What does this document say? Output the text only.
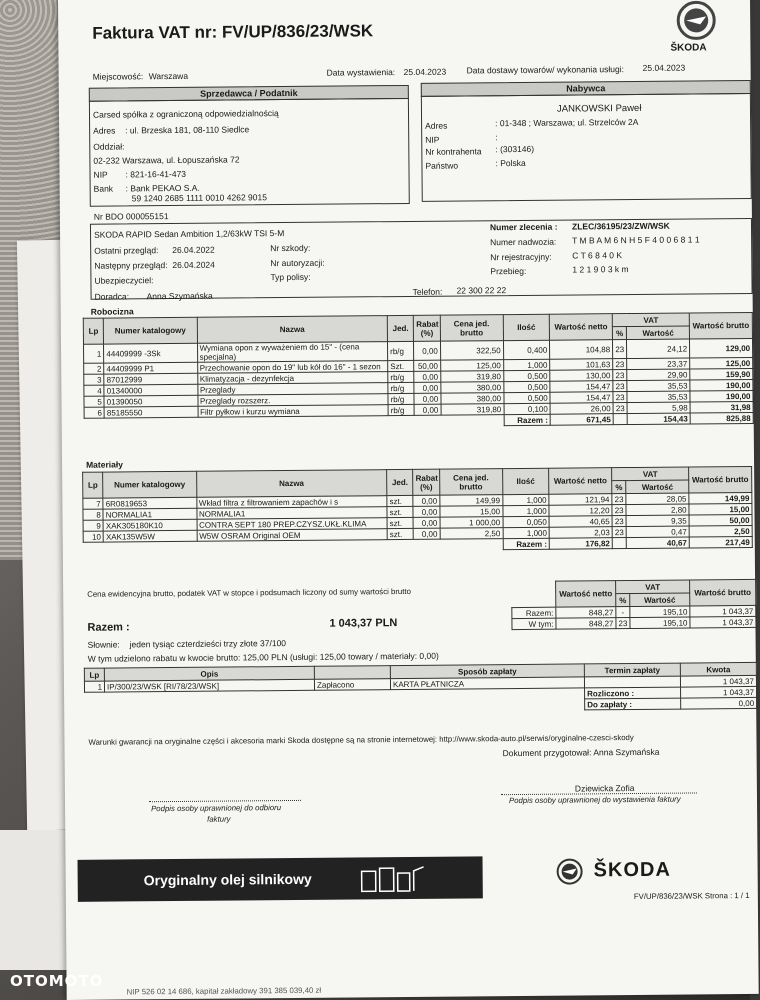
Faktura VAT nr: FV/UP/836/23/WSK
ŠKODA
Miejscowość: Warszawa	Data wystawienia: 25.04.2023 Data dostawy towarów/ wykonania usługi: 25.04.2023
Sprzedawca / Podatnik
Carsed spółka z ograniczoną odpowiedzialnością
Adres : ul. Brzeska 181, 08-110 Siedlce
Oddział:
02-232 Warszawa, ul. Łopuszańska 72
NIP : 821-16-41-473
Bank : Bank PEKAO S.A.
59 1240 2685 1111 0010 4262 9015
Nr BDO 000055151
Nabywca
JANKOWSKI Paweł
Adres	: 01-348 ; Warszawa; ul. Strzelców 2A
NIP	:
Nr kontrahenta : (303146)
Państwo	: Polska
SKODA RAPID Sedan Ambition 1,2/63kW TSI 5-M
Ostatni przegląd: 26.04.2022
Następny przegląd: 26.04.2024
Ubezpieczyciel:
Nr szkody:
Nr autoryzacji:
Typ polisy:
Doradca: Anna Szymańska	Telefon: 22 300 22 22
Numer zlecenia : ZLEC/36195/23/ZW/WSK
Numer nadwozia: T M B A M 6 N H 5 F 4 0 0 6 8 1 1
Nr rejestracyjny: C T 6 8 4 0 K
Przebieg:	1 2 1 9 0 3 k m
Robocizna
Lp	Numer katalogowy	Nazwa	Jed.	Rabat (%)	Cena jed. brutto	Ilość	Wartość netto	VAT		Wartość brutto
								%	Wartość	
1	44409999 -3Sk	Wymiana opon z wyważeniem do 15" - (cena
specjalna)	rb/g	0,00	322,50	0,400	104,88	23	24,12	129,00
2	44409999 P1	Przechowanie opon do 19" lub kół do 16" - 1 sezon	Szt.	50,00	125,00	1,000	101,63	23	23,37	125,00
3	87012999	Klimatyzacja - dezynfekcja	rb/g	0,00	319,80	0,500	130,00	23	29,90	159,90
4	01340000	Przeglady	rb/g	0,00	380,00	0,500	154,47	23	35,53	190,00
5	01390050	Przeglady rozszerz.	rb/g	0,00	380,00	0,500	154,47	23	35,53	190,00
6	85185550	Filtr pyłkow i kurzu wymiana	rb/g	0,00	319,80	0,100	26,00	23	5,98	31,98
						Razem :	671,45		154,43	825,88
Materiały
Lp	Numer katalogowy	Nazwa	Jed.	Rabat (%)	Cena jed. brutto	Ilość	Wartość netto	VAT		Wartość brutto
								%	Wartość	
7	6R0819653	Wkład filtra z filtrowaniem zapachów i s	szt.	0,00	149,99	1,000	121,94	23	28,05	149,99
8	NORMALIA1	NORMALIA1	szt.	0,00	15,00	1,000	12,20	23	2,80	15,00
9	XAK305180K10	CONTRA SEPT 180 PREP.CZYSZ.UKŁ.KLIMA	szt.	0,00	1 000,00	0,050	40,65	23	9,35	50,00
10	XAK135W5W	W5W OSRAM Original OEM	szt.	0,00	2,50	1,000	2,03	23	0,47	2,50
						Razem :	176,82		40,67	217,49
Cena ewidencyjna brutto, podatek VAT w stopce i podsumach liczony od sumy wartości brutto
		Wartość netto	VAT		Wartość brutto
		%	Wartość	
Razem:	848,27	-	195,10	1 043,37
W tym:	848,27	23	195,10	1 043,37
Razem :	1 043,37 PLN
Słownie: jeden tysiąc czterdzieści trzy złote 37/100
W tym udzielono rabatu w kwocie brutto: 125,00 PLN (usługi: 125,00 towary / materiały: 0,00)
Lp	Opis		Sposób zapłaty	Termin zapłaty	Kwota
1	IP/300/23/WSK [RI/78/23/WSK]	Zapłacono	KARTA PŁATNICZA		1 043,37
				Rozliczono :	1 043,37
				Do zapłaty :	0,00
Warunki gwarancji na oryginalne części i akcesoria marki Skoda dostępne są na stronie internetowej: http://www.skoda-auto.pl/serwis/oryginalne-czesci-skody
Dokument przygotował: Anna Szymańska
Dziewicka Zofia
Podpis osoby uprawnionej do odbioru
faktury
Podpis osoby uprawnionej do wystawienia faktury
Oryginalny olej silnikowy	ŠKODA
FV/UP/836/23/WSK Strona : 1 / 1
NIP 526 02 14 686, kapitał zakładowy 391 385 039,40 zł
OTOMOTO
